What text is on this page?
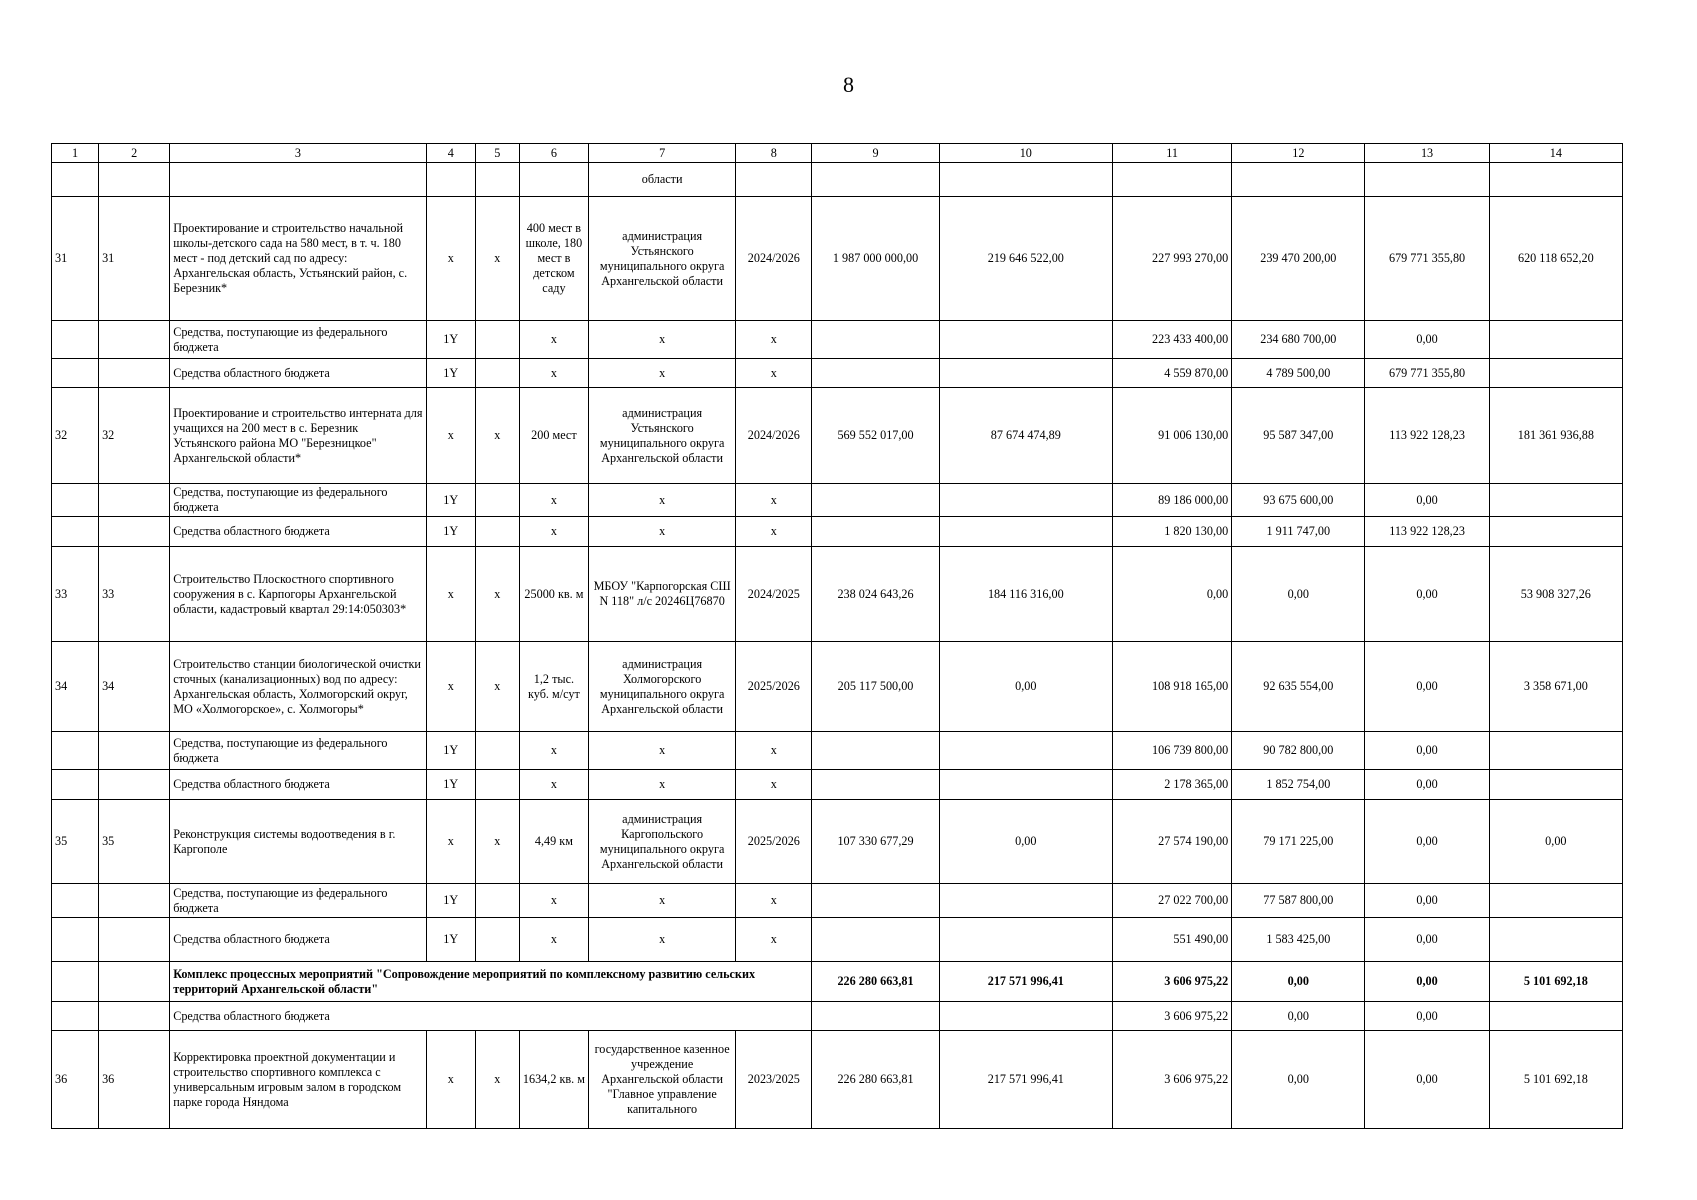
8
1	2	3	4	5	6	7	8	9	10	11	12	13	14
						области							
31	31	Проектирование и строительство начальной школы-детского сада на 580 мест, в т. ч. 180 мест - под детский сад по адресу: Архангельская область, Устьянский район, с. Березник*	x	x	400 мест в школе, 180 мест в детском саду	администрация Устьянского муниципального округа Архангельской области	2024/2026	1 987 000 000,00	219 646 522,00	227 993 270,00	239 470 200,00	679 771 355,80	620 118 652,20
		Средства, поступающие из федерального бюджета	1Y		x	x	x			223 433 400,00	234 680 700,00	0,00	
		Средства областного бюджета	1Y		x	x	x			4 559 870,00	4 789 500,00	679 771 355,80	
32	32	Проектирование и строительство интерната для учащихся на 200 мест в с. Березник Устьянского района МО "Березницкое" Архангельской области*	x	x	200 мест	администрация Устьянского муниципального округа Архангельской области	2024/2026	569 552 017,00	87 674 474,89	91 006 130,00	95 587 347,00	113 922 128,23	181 361 936,88
		Средства, поступающие из федерального бюджета	1Y		x	x	x			89 186 000,00	93 675 600,00	0,00	
		Средства областного бюджета	1Y		x	x	x			1 820 130,00	1 911 747,00	113 922 128,23	
33	33	Строительство Плоскостного спортивного сооружения в с. Карпогоры Архангельской области, кадастровый квартал 29:14:050303*	x	x	25000 кв. м	МБОУ "Карпогорская СШ N 118" л/с 20246Ц76870	2024/2025	238 024 643,26	184 116 316,00	0,00	0,00	0,00	53 908 327,26
34	34	Строительство станции биологической очистки сточных (канализационных) вод по адресу: Архангельская область, Холмогорский округ, МО «Холмогорское», с. Холмогоры*	x	x	1,2 тыс. куб. м/сут	администрация Холмогорского муниципального округа Архангельской области	2025/2026	205 117 500,00	0,00	108 918 165,00	92 635 554,00	0,00	3 358 671,00
		Средства, поступающие из федерального бюджета	1Y		x	x	x			106 739 800,00	90 782 800,00	0,00	
		Средства областного бюджета	1Y		x	x	x			2 178 365,00	1 852 754,00	0,00	
35	35	Реконструкция системы водоотведения в г. Каргополе	x	x	4,49 км	администрация Каргопольского муниципального округа Архангельской области	2025/2026	107 330 677,29	0,00	27 574 190,00	79 171 225,00	0,00	0,00
		Средства, поступающие из федерального бюджета	1Y		x	x	x			27 022 700,00	77 587 800,00	0,00	
		Средства областного бюджета	1Y		x	x	x			551 490,00	1 583 425,00	0,00	
		Комплекс процессных мероприятий "Сопровождение мероприятий по комплексному развитию сельских территорий Архангельской области"						226 280 663,81	217 571 996,41	3 606 975,22	0,00	0,00	5 101 692,18
		Средства областного бюджета								3 606 975,22	0,00	0,00	
36	36	Корректировка проектной документации и строительство спортивного комплекса с универсальным игровым залом в городском парке города Няндома	x	x	1634,2 кв. м	государственное казенное учреждение Архангельской области "Главное управление капитального	2023/2025	226 280 663,81	217 571 996,41	3 606 975,22	0,00	0,00	5 101 692,18
